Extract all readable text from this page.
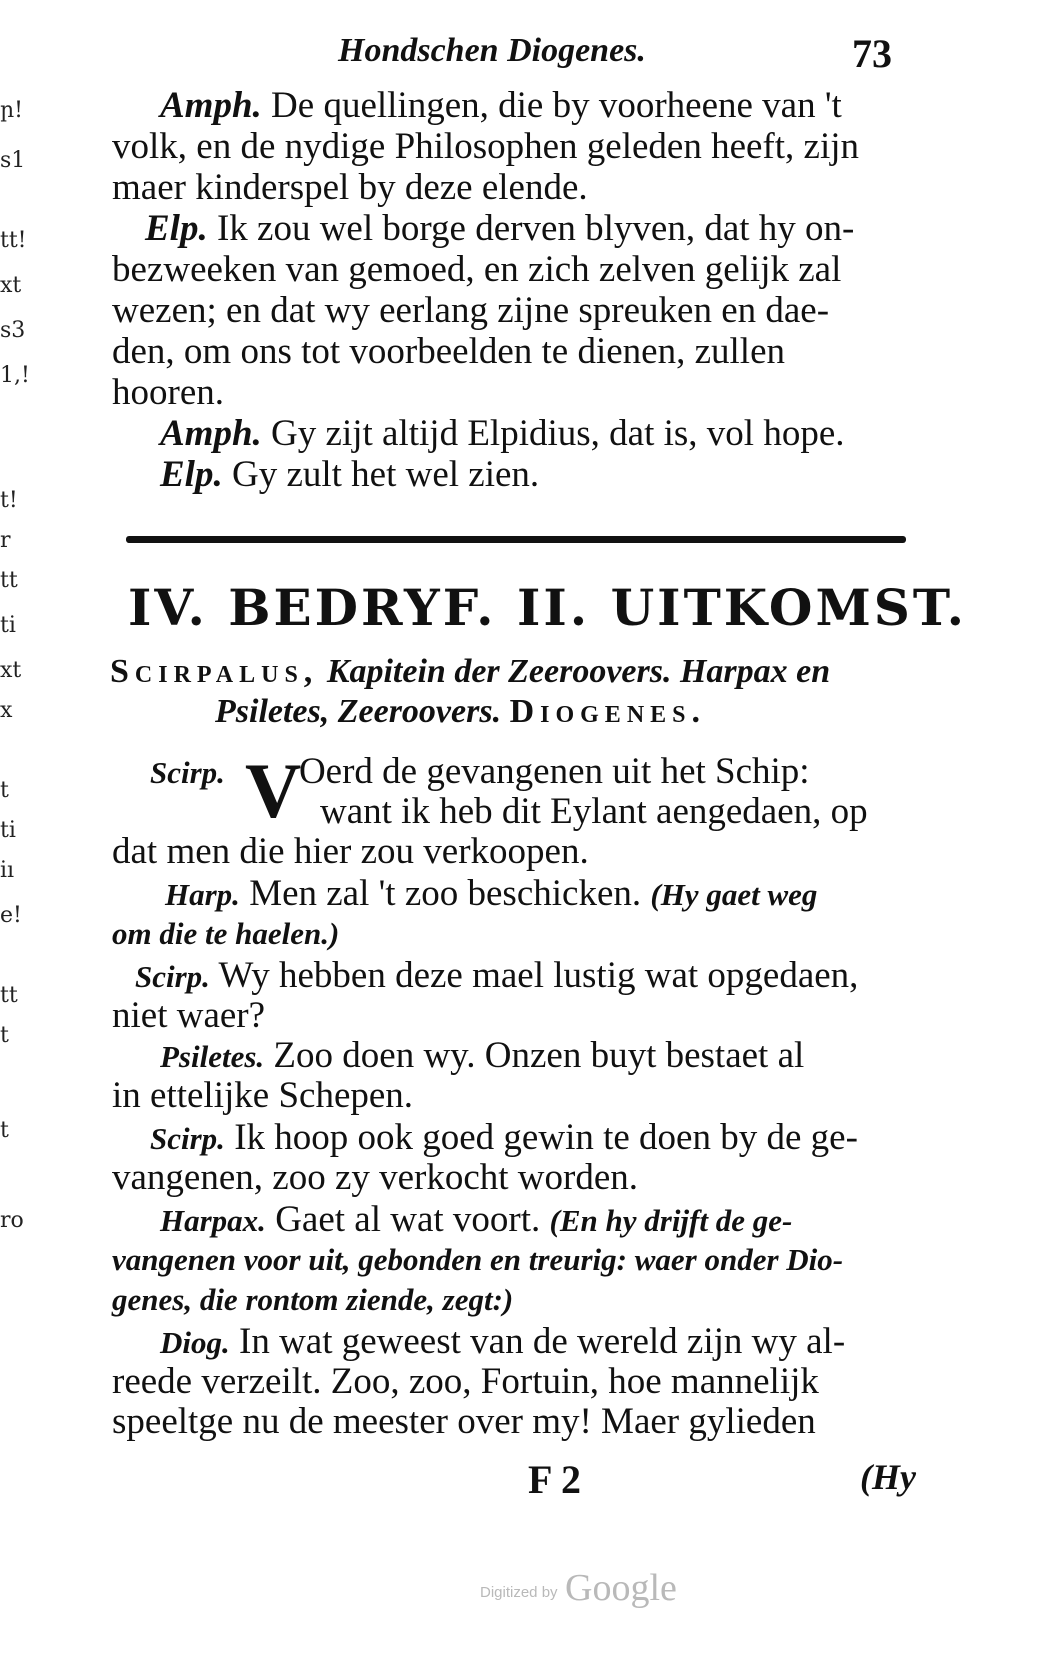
ր!
s1
tt!
xt
s3
1,!
t!
r
tt
ti
xt
x
t
ti
iı
e!
tt
t
t
ro
Hondschen Diogenes.	73
Amph. De quellingen, die by voorheene van 't
volk, en de nydige Philosophen geleden heeft, zijn
maer kinderspel by deze elende.
Elp. Ik zou wel borge derven blyven, dat hy on-
bezweeken van gemoed, en zich zelven gelijk zal
wezen; en dat wy eerlang zijne spreuken en dae-
den, om ons tot voorbeelden te dienen, zullen
hooren.
Amph. Gy zijt altijd Elpidius, dat is, vol hope.
Elp. Gy zult het wel zien.
IV. BEDRYF. II. UITKOMST.
Scirpalus, Kapitein der Zeeroovers. Harpax en
Psiletes, Zeeroovers. Diogenes.
V
Scirp. Oerd de gevangenen uit het Schip:
want ik heb dit Eylant aengedaen, op
dat men die hier zou verkoopen.
Harp. Men zal 't zoo beschicken. (Hy gaet weg
om die te haelen.)
Scirp. Wy hebben deze mael lustig wat opgedaen,
niet waer?
Psiletes. Zoo doen wy. Onzen buyt bestaet al
in ettelijke Schepen.
Scirp. Ik hoop ook goed gewin te doen by de ge-
vangenen, zoo zy verkocht worden.
Harpax. Gaet al wat voort. (En hy drijft de ge-
vangenen voor uit, gebonden en treurig: waer onder Dio-
genes, die rontom ziende, zegt:)
Diog. In wat geweest van de wereld zijn wy al-
reede verzeilt. Zoo, zoo, Fortuin, hoe mannelijk
speeltge nu de meester over my! Maer gylieden
F 2	(Hy
Digitized by Google
